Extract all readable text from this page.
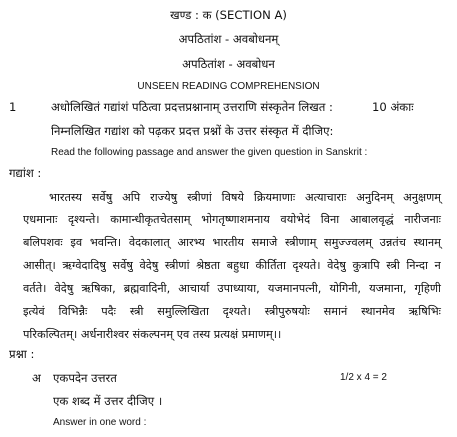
खण्ड : क (SECTION A)
अपठितांश - अवबोधनम्
अपठितांश - अवबोधन
UNSEEN READING COMPREHENSION
1	अधोलिखितं गद्यांशं पठित्वा प्रदत्तप्रश्नानाम् उत्तराणि संस्कृतेन लिखत :	10 अंकाः
निम्नलिखित गद्यांश को पढ़कर प्रदत्त प्रश्नों के उत्तर संस्कृत में दीजिए:
Read the following passage and answer the given question in Sanskrit :
गद्यांश :
भारतस्य सर्वेषु अपि राज्येषु स्त्रीणां विषये क्रियमाणाः अत्याचाराः अनुदिनम् अनुक्षणम्
एधमानाः दृश्यन्ते। कामान्धीकृतचेतसाम् भोगतृष्णाशमनाय वयोभेदं विना आबालवृद्धं नारीजनाः
बलिपशवः इव भवन्ति। वेदकालात् आरभ्य भारतीय समाजे स्त्रीणाम् समुज्ज्वलम् उन्नतंच स्थानम्
आसीत्। ऋग्वेदादिषु सर्वेषु वेदेषु स्त्रीणां श्रेष्ठता बहुधा कीर्तिता दृश्यते। वेदेषु कुत्रापि स्त्री निन्दा न
वर्तते। वेदेषु ऋषिका, ब्रह्मवादिनी, आचार्या उपाध्याया, यजमानपत्नी, योगिनी, यजमाना, गृहिणी
इत्येवं विभिन्नैः पदैः स्त्री समुल्लिखिता दृश्यते। स्त्रीपुरुषयोः समानं स्थानमेव ऋषिभिः
परिकल्पितम्। अर्धनारीश्वर संकल्पनम् एव तस्य प्रत्यक्षं प्रमाणम्।।
प्रश्ना :
अ एकपदेन उत्तरत	1/2 x 4 = 2
एक शब्द में उत्तर दीजिए ।
Answer in one word :
